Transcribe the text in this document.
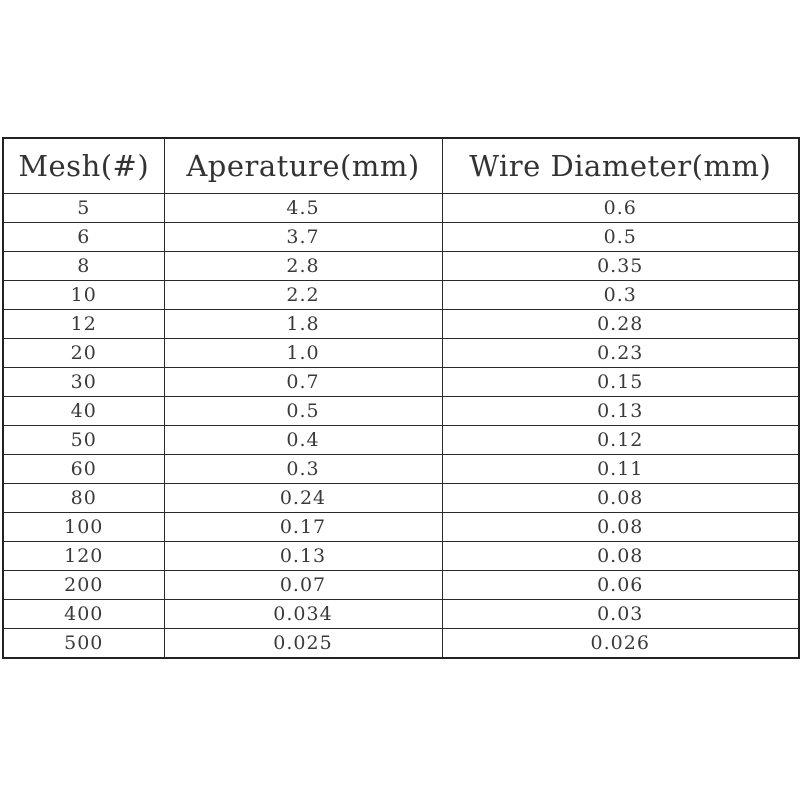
Mesh(#)	Aperature(mm)	Wire Diameter(mm)
5	4.5	0.6
6	3.7	0.5
8	2.8	0.35
10	2.2	0.3
12	1.8	0.28
20	1.0	0.23
30	0.7	0.15
40	0.5	0.13
50	0.4	0.12
60	0.3	0.11
80	0.24	0.08
100	0.17	0.08
120	0.13	0.08
200	0.07	0.06
400	0.034	0.03
500	0.025	0.026
